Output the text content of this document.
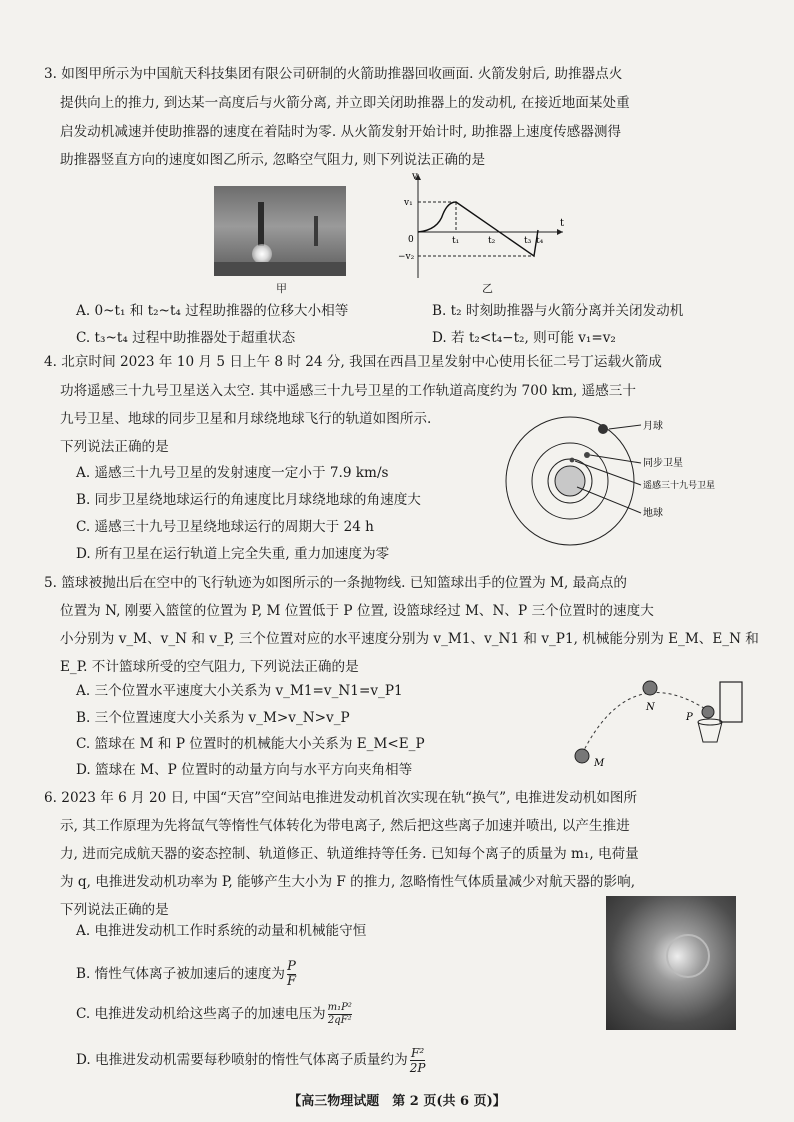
3. 如图甲所示为中国航天科技集团有限公司研制的火箭助推器回收画面. 火箭发射后, 助推器点火
提供向上的推力, 到达某一高度后与火箭分离, 并立即关闭助推器上的发动机, 在接近地面某处重
启发动机减速并使助推器的速度在着陆时为零. 从火箭发射开始计时, 助推器上速度传感器测得
助推器竖直方向的速度如图乙所示, 忽略空气阻力, 则下列说法正确的是
甲
v
t
0
v₁
−v₂
t₁	t₂	t₃ t₄
乙
A. 0~t₁ 和 t₂~t₄ 过程助推器的位移大小相等	B. t₂ 时刻助推器与火箭分离并关闭发动机
C. t₃~t₄ 过程中助推器处于超重状态	D. 若 t₂<t₄−t₂, 则可能 v₁=v₂
4. 北京时间 2023 年 10 月 5 日上午 8 时 24 分, 我国在西昌卫星发射中心使用长征二号丁运载火箭成
功将遥感三十九号卫星送入太空. 其中遥感三十九号卫星的工作轨道高度约为 700 km, 遥感三十
九号卫星、地球的同步卫星和月球绕地球飞行的轨道如图所示.
下列说法正确的是
A. 遥感三十九号卫星的发射速度一定小于 7.9 km/s
B. 同步卫星绕地球运行的角速度比月球绕地球的角速度大
C. 遥感三十九号卫星绕地球运行的周期大于 24 h
D. 所有卫星在运行轨道上完全失重, 重力加速度为零
月球
同步卫星
遥感三十九号卫星
地球
5. 篮球被抛出后在空中的飞行轨迹为如图所示的一条抛物线. 已知篮球出手的位置为 M, 最高点的
位置为 N, 刚要入篮筐的位置为 P, M 位置低于 P 位置, 设篮球经过 M、N、P 三个位置时的速度大
小分别为 v_M、v_N 和 v_P, 三个位置对应的水平速度分别为 v_M1、v_N1 和 v_P1, 机械能分别为 E_M、E_N 和
E_P. 不计篮球所受的空气阻力, 下列说法正确的是
A. 三个位置水平速度大小关系为 v_M1=v_N1=v_P1
B. 三个位置速度大小关系为 v_M>v_N>v_P
C. 篮球在 M 和 P 位置时的机械能大小关系为 E_M<E_P
D. 篮球在 M、P 位置时的动量方向与水平方向夹角相等	M
N
P
6. 2023 年 6 月 20 日, 中国“天宫”空间站电推进发动机首次实现在轨“换气”, 电推进发动机如图所
示, 其工作原理为先将氙气等惰性气体转化为带电离子, 然后把这些离子加速并喷出, 以产生推进
力, 进而完成航天器的姿态控制、轨道修正、轨道维持等任务. 已知每个离子的质量为 m₁, 电荷量
为 q, 电推进发动机功率为 P, 能够产生大小为 F 的推力, 忽略惰性气体质量减少对航天器的影响,
下列说法正确的是
A. 电推进发动机工作时系统的动量和机械能守恒
B. 惰性气体离子被加速后的速度为 $\frac{P}{F}$
C. 电推进发动机给这些离子的加速电压为 $\frac{\text{m₁P²}}{\text{2qF²}}$
D. 电推进发动机需要每秒喷射的惰性气体离子质量约为 $\frac{\text{F²}}{2P}$
【高三物理试题　第 2 页(共 6 页)】
